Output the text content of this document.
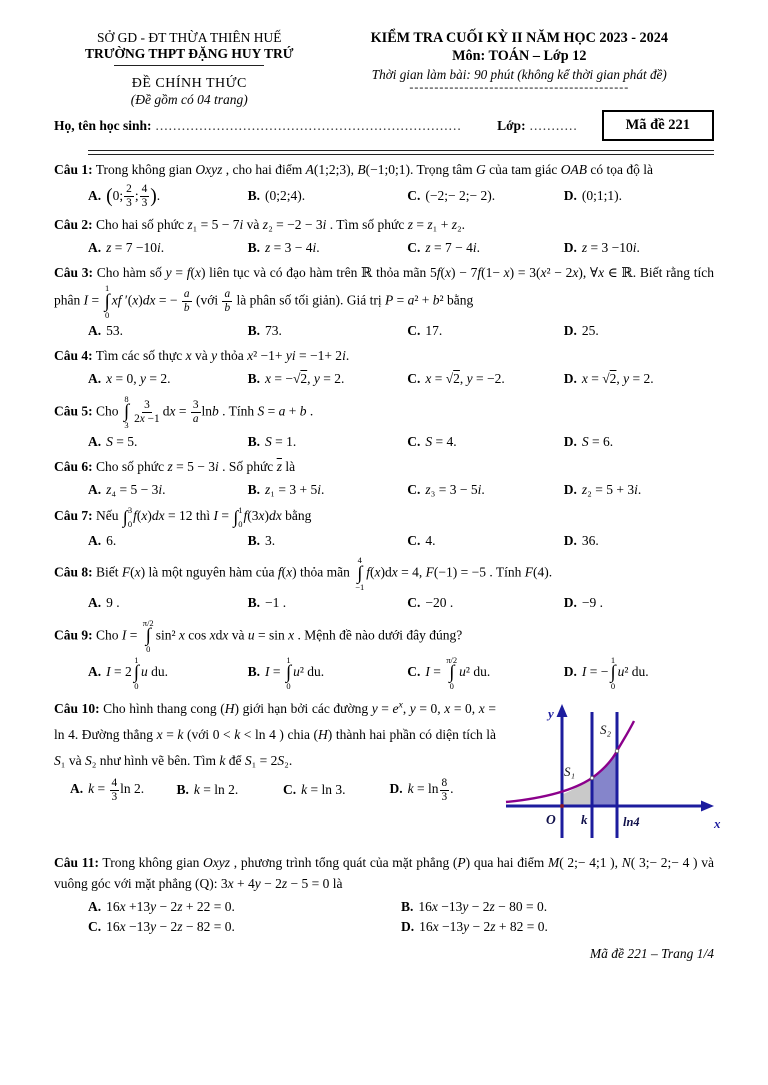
SỞ GD - ĐT THỪA THIÊN HUẾ
TRƯỜNG THPT ĐẶNG HUY TRỨ
ĐỀ CHÍNH THỨC
(Đề gồm có 04 trang)
KIỂM TRA CUỐI KỲ II NĂM HỌC 2023 - 2024
Môn: TOÁN – Lớp 12
Thời gian làm bài: 90 phút (không kể thời gian phát đề)
--------------------------------------------
Họ, tên học sinh: ......................................................................	Lớp: ...........	Mã đề 221
Câu 1: Trong không gian Oxyz , cho hai điểm A(1;2;3), B(−1;0;1). Trọng tâm G của tam giác OAB có tọa độ là
A. (0; $\frac{2}{3}$ ; $\frac{4}{3}$ ).	B. (0;2;4).	C. (−2;− 2;− 2).	D. (0;1;1).
Câu 2: Cho hai số phức z₁ = 5 − 7i và z₂ = −2 − 3i . Tìm số phức z = z₁ + z₂.
A. z = 7 −10i.	B. z = 3 − 4i.	C. z = 7 − 4i.	D. z = 3 −10i.
Câu 3: Cho hàm số y = f(x) liên tục và có đạo hàm trên ℝ thỏa mãn 5f(x) − 7f(1− x) = 3(x² − 2x), ∀x ∈ ℝ. Biết rằng tích phân I =
1
∫
0
xf ′(x)dx = − $\frac{a}{b}$ (với $\frac{a}{b}$ là phân số tối giản). Giá trị P = a² + b² bằng
A. 53.	B. 73.	C. 17.	D. 25.
Câu 4: Tìm các số thực x và y thỏa x² −1+ yi = −1+ 2i.
A. x = 0, y = 2.	B. x = −√2, y = 2.	C. x = √2, y = −2.	D. x = √2, y = 2.
Câu 5: Cho
8
∫
$3 \frac{3}{2x -1}$ dx = $\frac{3}{a}$ lnb . Tính S = a + b .
A. S = 5.	B. S = 1.	C. S = 4.	D. S = 6.
Câu 6: Cho số phức z = 5 − 3i . Số phức $\overline{z}$ là
A. z₄ = 5 − 3i.	B. z₁ = 3 + 5i.	C. z₃ = 3 − 5i.	D. z₂ = 5 + 3i.
Câu 7: Nếu ∫ 3
0
f(x)dx = 12 thì I = ∫ 1
0
f(3x)dx bằng
A. 6.	B. 3.	C. 4.	D. 36.
Câu 8: Biết F(x) là một nguyên hàm của f(x) thỏa mãn
4
∫
−1
f(x)dx = 4, F(−1) = −5 . Tính F(4).
A. 9 .	B. −1 .	C. −20 .	D. −9 .
Câu 9: Cho I =
π/2
∫
0
sin² x cos xdx và u = sin x . Mệnh đề nào dưới đây đúng?
A. I = 2
1
∫
0
u du.	B. I =
1
∫
0
u² du.	C. I =
π/2
∫
0
u² du.	D. I = −
1
∫
0
u² du.
Câu 10: Cho hình thang cong (H) giới hạn bởi các đường $y = e^x$, y = 0, x = 0, x = ln 4. Đường thẳng x = k (với 0 < k < ln 4 ) chia (H) thành hai phần có diện tích là S₁ và S₂ như hình vẽ bên. Tìm k để S₁ = 2S₂.
A. $k = \frac{4}{3}$ ln 2.	B. k = ln 2.	C. k = ln 3.	D. $k = \ln \frac{8}{3}$ .
y
x
O k	ln4
S₁
S₂
Câu 11: Trong không gian Oxyz , phương trình tổng quát của mặt phẳng (P) qua hai điểm M( 2;− 4;1 ), N( 3;− 2;− 4 ) và vuông góc với mặt phẳng (Q): 3x + 4y − 2z − 5 = 0 là
A. 16x +13y − 2z + 22 = 0.	B. 16x −13y − 2z − 80 = 0.
C. 16x −13y − 2z − 82 = 0.	D. 16x −13y − 2z + 82 = 0.
Mã đề 221 – Trang 1/4
